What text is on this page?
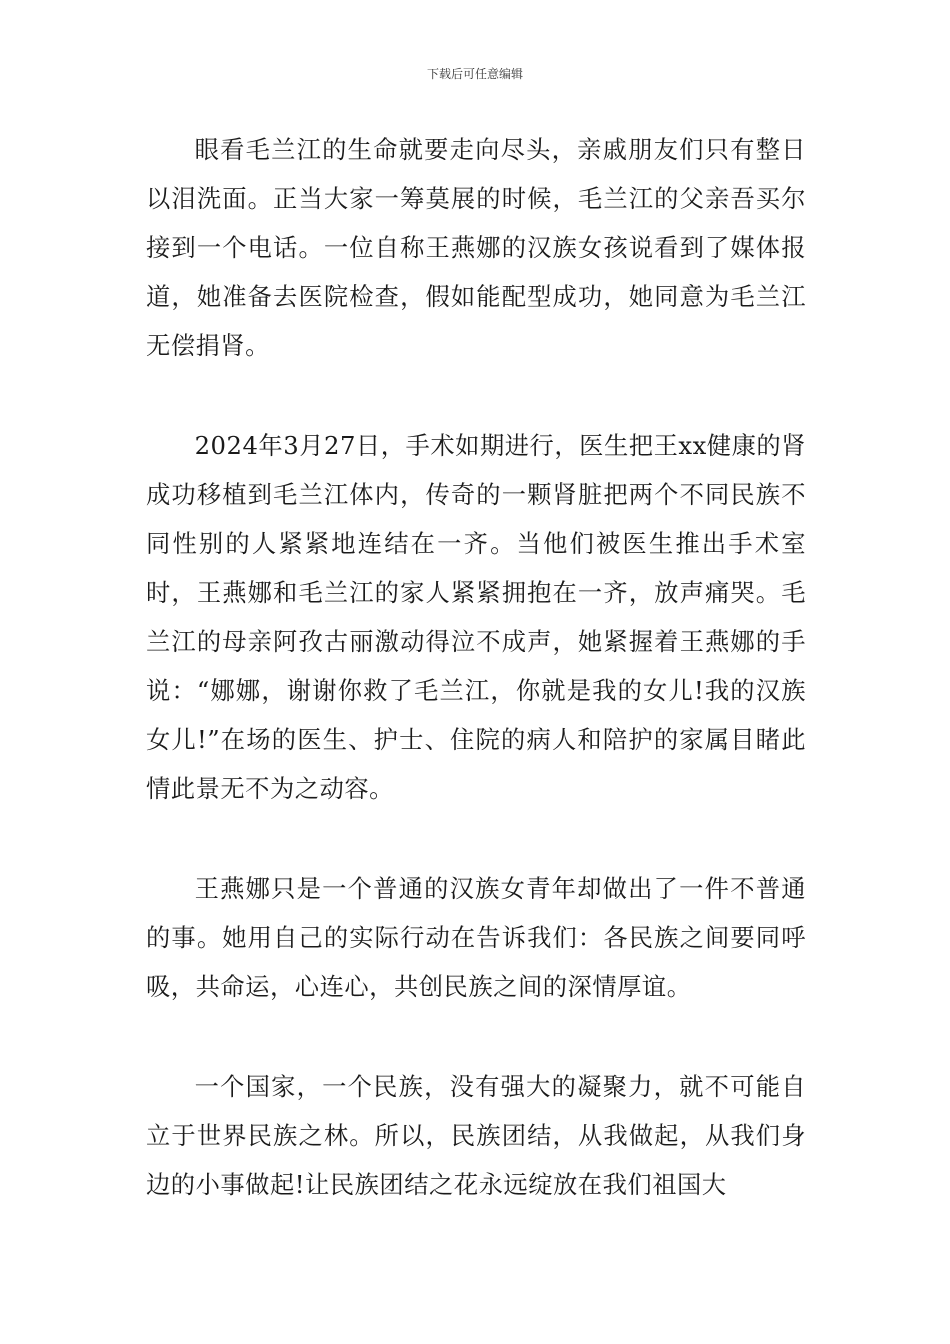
下载后可任意编辑

眼看毛兰江的生命就要走向尽头，亲戚朋友们只有整日以泪洗面。正当大家一筹莫展的时候，毛兰江的父亲吾买尔接到一个电话。一位自称王燕娜的汉族女孩说看到了媒体报道，她准备去医院检查，假如能配型成功，她同意为毛兰江无偿捐肾。

2024年3月27日，手术如期进行，医生把王xx健康的肾成功移植到毛兰江体内，传奇的一颗肾脏把两个不同民族不同性别的人紧紧地连结在一齐。当他们被医生推出手术室时，王燕娜和毛兰江的家人紧紧拥抱在一齐，放声痛哭。毛兰江的母亲阿孜古丽激动得泣不成声，她紧握着王燕娜的手说：“娜娜，谢谢你救了毛兰江，你就是我的女儿!我的汉族女儿!”在场的医生、护士、住院的病人和陪护的家属目睹此情此景无不为之动容。

王燕娜只是一个普通的汉族女青年却做出了一件不普通的事。她用自己的实际行动在告诉我们：各民族之间要同呼吸，共命运，心连心，共创民族之间的深情厚谊。

一个国家，一个民族，没有强大的凝聚力，就不可能自立于世界民族之林。所以，民族团结，从我做起，从我们身边的小事做起!让民族团结之花永远绽放在我们祖国大
